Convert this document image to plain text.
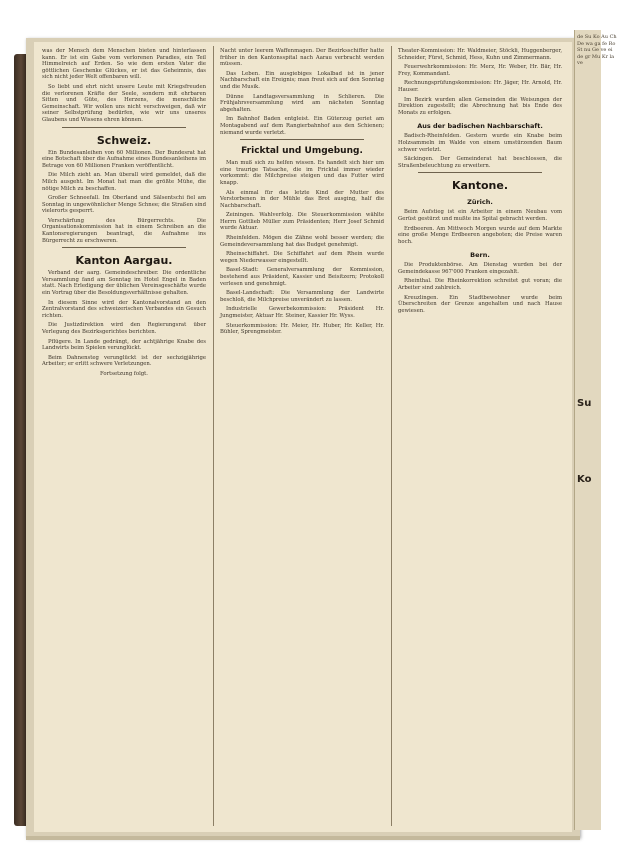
was der Mensch dem Menschen bieten und hinterlassen kann. Er ist ein Gabe vom verlorenen Paradies, ein Teil Himmelreich auf Erden. So wie dem ersten Vater die göttlichen Geschenke Glückes, er ist das Geheimnis, das sich nicht jeder Welt offenbaren will.

So liebt und ehrt nicht unsere Leute mit Kriegsfreuden die verlorenen Kräfte der Seele, sondern mit ehrbaren Sitten und Güte, des Herzens, die menschliche Gemeinschaft. Wir wollen uns nicht verschweigen, daß wir seiner Selbstprüfung bedürfen, wie wir uns unseres Glaubens und Wissens ehren können.

Schweiz.

Ein Bundesanleihen von 60 Millionen. Der Bundesrat hat eine Botschaft über die Aufnahme eines Bundesanleihens im Betrage von 60 Millionen Franken veröffentlicht.

Die Milch zieht an. Man überall wird gemeldet, daß die Milch ausgeht. Im Monat hat man die größte Mühe, die nötige Milch zu beschaffen.

Großer Schneefall. Im Oberland und Sälsentschi fiel am Sonntag in ungewöhnlicher Menge Schnee; die Straßen sind vielerorts gesperrt.

Verschärfung des Bürgerrechts. Die Organisationskommission hat in einem Schreiben an die Kantonsregierungen beantragt, die Aufnahme ins Bürgerrecht zu erschweren.

Kanton Aargau.

Verband der aarg. Gemeindeschreiber. Die ordentliche Versammlung fand am Sonntag im Hotel Engel in Baden statt. Nach Erledigung der üblichen Vereinsgeschäfte wurde ein Vortrag über die Besoldungsverhältnisse gehalten.

In diesem Sinne wird der Kantonalvorstand an den Zentralvorstand des schweizerischen Verbandes ein Gesuch richten.

Die Justizdirektion wird den Regierungsrat über Verlegung des Bezirksgerichtes berichten.

Pflügere. In Lande gedrängt, der achtjährige Knabe des Landwirts beim Spielen verunglückt.

Beim Dahnensteg verunglückt ist der sechzigjährige Arbeiter; er erlitt schwere Verletzungen.

Fortsetzung folgt.

Nacht unter leerem Waffenmagen. Der Bezirksschiffer hatte früher in den Kantonsspital nach Aarau verbracht werden müssen.

Das Leben. Ein ausgiebiges Lokalbad ist in jener Nachbarschaft ein Ereignis; man freut sich auf den Sonntag und die Musik.

Dünne Landtagsversammlung in Schlieren. Die Frühjahrsversammlung wird am nächsten Sonntag abgehalten.

Im Bahnhof Baden entgleist. Ein Güterzug geriet am Montagabend auf dem Rangierbahnhof aus den Schienen; niemand wurde verletzt.

Fricktal und Umgebung.

Man muß sich zu helfen wissen. Es handelt sich hier um eine traurige Tatsache, die im Fricktal immer wieder vorkommt: die Milchpreise steigen und das Futter wird knapp.

Als einmal für das letzte Kind der Mutter des Verstorbenen in der Mühle das Brot ausging, half die Nachbarschaft.

Zeiningen. Wahlverfolg. Die Steuerkommission wählte Herrn Gottlieb Müller zum Präsidenten; Herr Josef Schmid wurde Aktuar.

Rheinfelden. Mögen die Zähne wohl besser werden; die Gemeindeversammlung hat das Budget genehmigt.

Rheinschiffahrt. Die Schiffahrt auf dem Rhein wurde wegen Niederwasser eingestellt.

Basel-Stadt: Generalversammlung der Kommission, bestehend aus Präsident, Kassier und Beisitzern; Protokoll verlesen und genehmigt.

Basel-Landschaft: Die Versammlung der Landwirte beschloß, die Milchpreise unverändert zu lassen.

Industrielle Gewerbekommission: Präsident Hr. Jungmeister, Aktuar Hr. Steiner, Kassier Hr. Wyss.

Steuerkommission: Hr. Meier, Hr. Huber, Hr. Keller, Hr. Bühler, Sprengmeister.

Theater-Kommission: Hr. Waldmeier, Stöckli, Huggenberger, Schneider, Fürst, Schmid, Hess, Kuhn und Zimmermann.

Feuerwehrkommission: Hr. Merz, Hr. Weber, Hr. Bär, Hr. Frey, Kommandant.

Rechnungsprüfungskommission: Hr. Jäger, Hr. Arnold, Hr. Hauser.

Im Bezirk wurden allen Gemeinden die Weisungen der Direktion zugestellt; die Abrechnung hat bis Ende des Monats zu erfolgen.

Aus der badischen Nachbarschaft.

Badisch-Rheinfelden. Gestern wurde ein Knabe beim Holzsammeln im Walde von einem umstürzenden Baum schwer verletzt.

Säckingen. Der Gemeinderat hat beschlossen, die Straßenbeleuchtung zu erweitern.

Kantone.
Zürich.

Beim Aufstieg ist ein Arbeiter in einem Neubau vom Gerüst gestürzt und mußte ins Spital gebracht werden.

Erdbeeren. Am Mittwoch Morgen wurde auf dem Markte eine große Menge Erdbeeren angeboten; die Preise waren hoch.

Bern.

Die Produktenbörse. Am Dienstag wurden bei der Gemeindekasse 967'000 Franken eingezahlt.

Rheinthal. Die Rheinkorrektion schreitet gut voran; die Arbeiter sind zahlreich.

Kreuzlingen. Ein Stadtbewohner wurde beim Überschreiten der Grenze angehalten und nach Hause gewiesen.

de Su Ko Au Ch De wa ga fe Ro St nu Ge ve ei de gr Mu Kr la ve
Su
Ko
